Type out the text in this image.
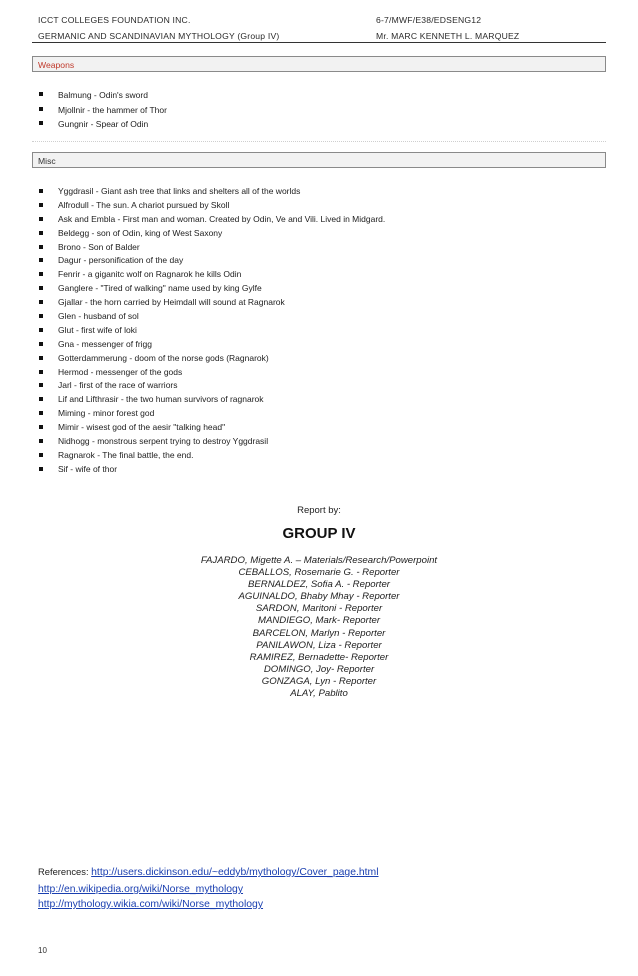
ICCT COLLEGES FOUNDATION INC.	6-7/MWF/E38/EDSENG12
GERMANIC AND SCANDINAVIAN MYTHOLOGY (Group IV)	Mr. MARC KENNETH L. MARQUEZ
Weapons
Balmung - Odin's sword
Mjollnir - the hammer of Thor
Gungnir - Spear of Odin
Misc
Yggdrasil - Giant ash tree that links and shelters all of the worlds
Alfrodull - The sun. A chariot pursued by Skoll
Ask and Embla - First man and woman. Created by Odin, Ve and Vili. Lived in Midgard.
Beldegg - son of Odin, king of West Saxony
Brono - Son of Balder
Dagur - personification of the day
Fenrir - a giganitc wolf on Ragnarok he kills Odin
Ganglere - "Tired of walking" name used by king Gylfe
Gjallar - the horn carried by Heimdall will sound at Ragnarok
Glen - husband of sol
Glut - first wife of loki
Gna - messenger of frigg
Gotterdammerung - doom of the norse gods (Ragnarok)
Hermod - messenger of the gods
Jarl - first of the race of warriors
Lif and Lifthrasir - the two human survivors of ragnarok
Miming - minor forest god
Mimir - wisest god of the aesir "talking head"
Nidhogg - monstrous serpent trying to destroy Yggdrasil
Ragnarok - The final battle, the end.
Sif - wife of thor
Report by:
GROUP IV
FAJARDO, Migette A. – Materials/Research/Powerpoint
CEBALLOS, Rosemarie G. - Reporter
BERNALDEZ, Sofia A. - Reporter
AGUINALDO, Bhaby Mhay - Reporter
SARDON, Maritoni - Reporter
MANDIEGO, Mark- Reporter
BARCELON, Marlyn - Reporter
PANILAWON, Liza - Reporter
RAMIREZ, Bernadette- Reporter
DOMINGO, Joy- Reporter
GONZAGA, Lyn - Reporter
ALAY, Pablito
References: http://users.dickinson.edu/~eddyb/mythology/Cover_page.html
http://en.wikipedia.org/wiki/Norse_mythology
http://mythology.wikia.com/wiki/Norse_mythology
10
